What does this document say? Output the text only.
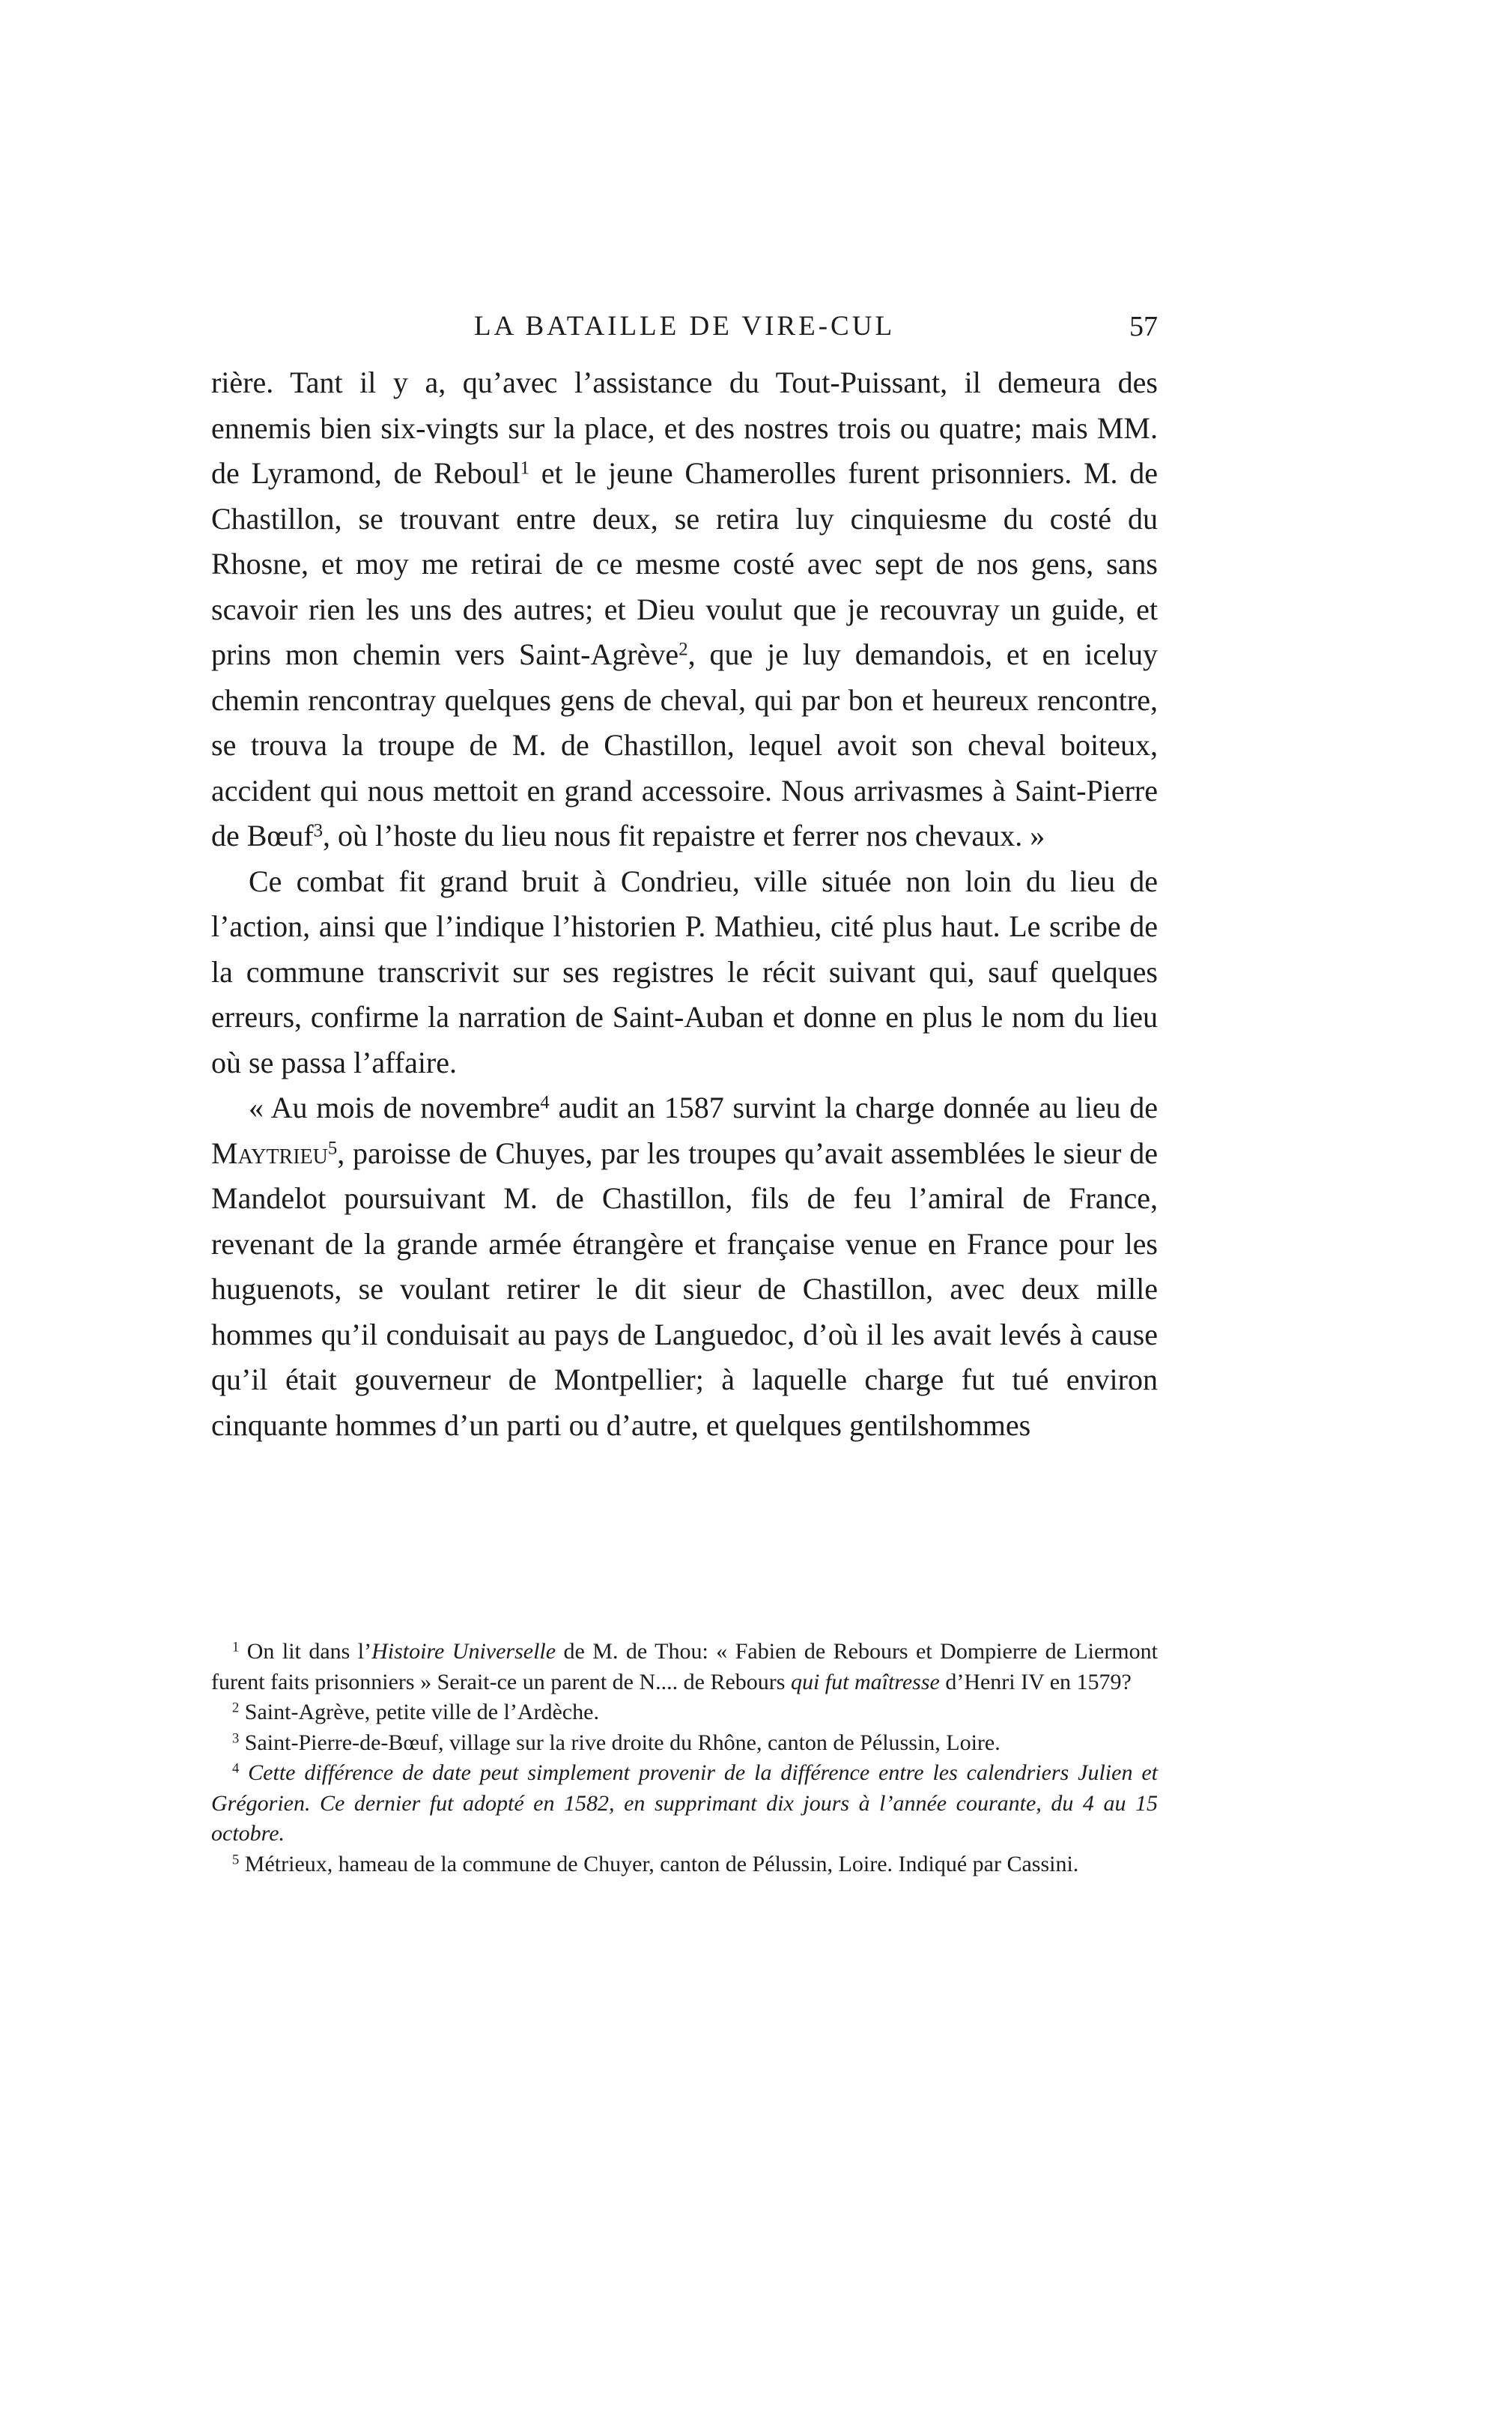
LA BATAILLE DE VIRE-CUL	57

rière. Tant il y a, qu’avec l’assistance du Tout-Puissant, il demeura des ennemis bien six-vingts sur la place, et des nostres trois ou quatre; mais MM. de Lyramond, de Reboul$^1$ et le jeune Chamerolles furent prisonniers. M. de Chastillon, se trouvant entre deux, se retira luy cinquiesme du costé du Rhosne, et moy me retirai de ce mesme costé avec sept de nos gens, sans scavoir rien les uns des autres; et Dieu voulut que je recouvray un guide, et prins mon chemin vers Saint-Agrève$^2$, que je luy demandois, et en iceluy chemin rencontray quelques gens de cheval, qui par bon et heureux rencontre, se trouva la troupe de M. de Chastillon, lequel avoit son cheval boiteux, accident qui nous mettoit en grand accessoire. Nous arrivasmes à Saint-Pierre de Bœuf$^3$, où l’hoste du lieu nous fit repaistre et ferrer nos chevaux. »

Ce combat fit grand bruit à Condrieu, ville située non loin du lieu de l’action, ainsi que l’indique l’historien P. Mathieu, cité plus haut. Le scribe de la commune transcrivit sur ses registres le récit suivant qui, sauf quelques erreurs, confirme la narration de Saint-Auban et donne en plus le nom du lieu où se passa l’affaire.

« Au mois de novembre$^4$ audit an 1587 survint la charge donnée au lieu de Maytrieu$^5$, paroisse de Chuyes, par les troupes qu’avait assemblées le sieur de Mandelot poursuivant M. de Chastillon, fils de feu l’amiral de France, revenant de la grande armée étrangère et française venue en France pour les huguenots, se voulant retirer le dit sieur de Chastillon, avec deux mille hommes qu’il conduisait au pays de Languedoc, d’où il les avait levés à cause qu’il était gouverneur de Montpellier; à laquelle charge fut tué environ cinquante hommes d’un parti ou d’autre, et quelques gentilshommes

$^1$ On lit dans l’Histoire Universelle de M. de Thou: « Fabien de Rebours et Dompierre de Liermont furent faits prisonniers » Serait-ce un parent de N.... de Rebours qui fut maîtresse d’Henri IV en 1579?

$^2$ Saint-Agrève, petite ville de l’Ardèche.

$^3$ Saint-Pierre-de-Bœuf, village sur la rive droite du Rhône, canton de Pélussin, Loire.

$^4$ Cette différence de date peut simplement provenir de la différence entre les calendriers Julien et Grégorien. Ce dernier fut adopté en 1582, en supprimant dix jours à l’année courante, du 4 au 15 octobre.

$^5$ Métrieux, hameau de la commune de Chuyer, canton de Pélussin, Loire. Indiqué par Cassini.
